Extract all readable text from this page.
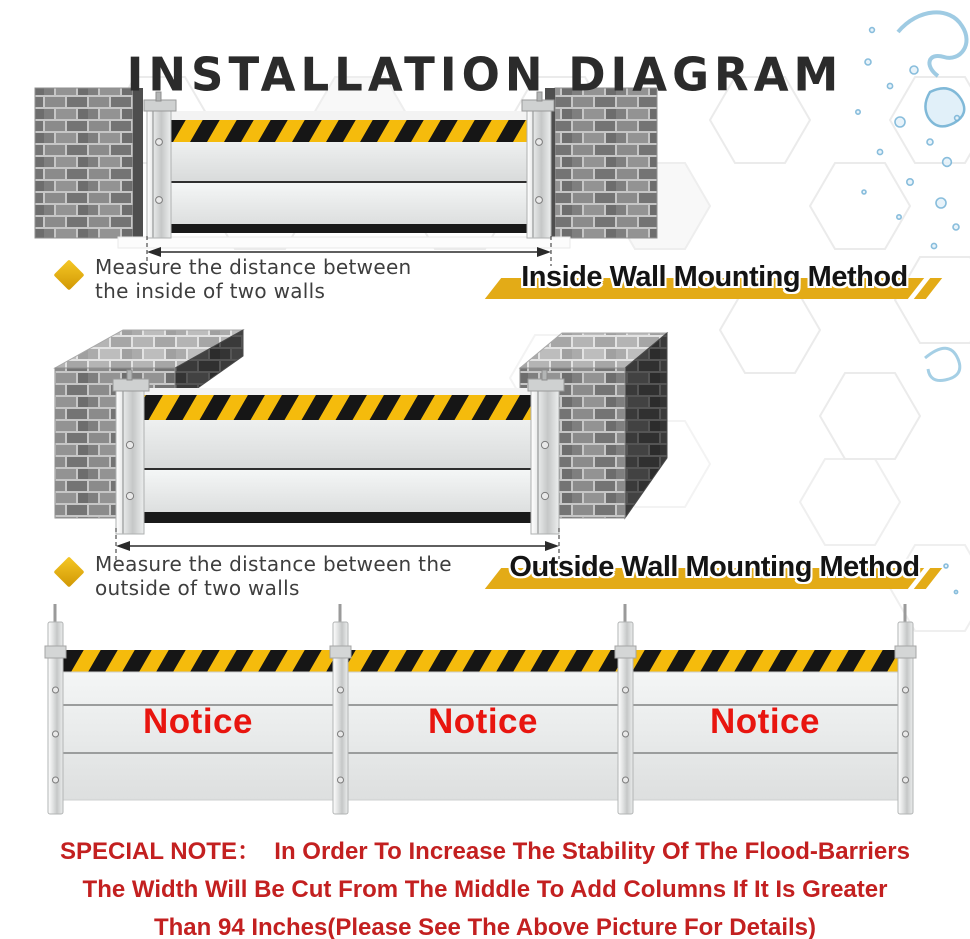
INSTALLATION DIAGRAM
Measure the distance between
the inside of two walls	Inside Wall Mounting Method
Measure the distance between the
outside of two walls
Outside Wall Mounting Method
Notice	Notice	Notice
SPECIAL NOTE：  In Order To Increase The Stability Of The Flood-Barriers
The Width Will Be Cut From The Middle To Add Columns If It Is Greater
Than 94 Inches(Please See The Above Picture For Details)
